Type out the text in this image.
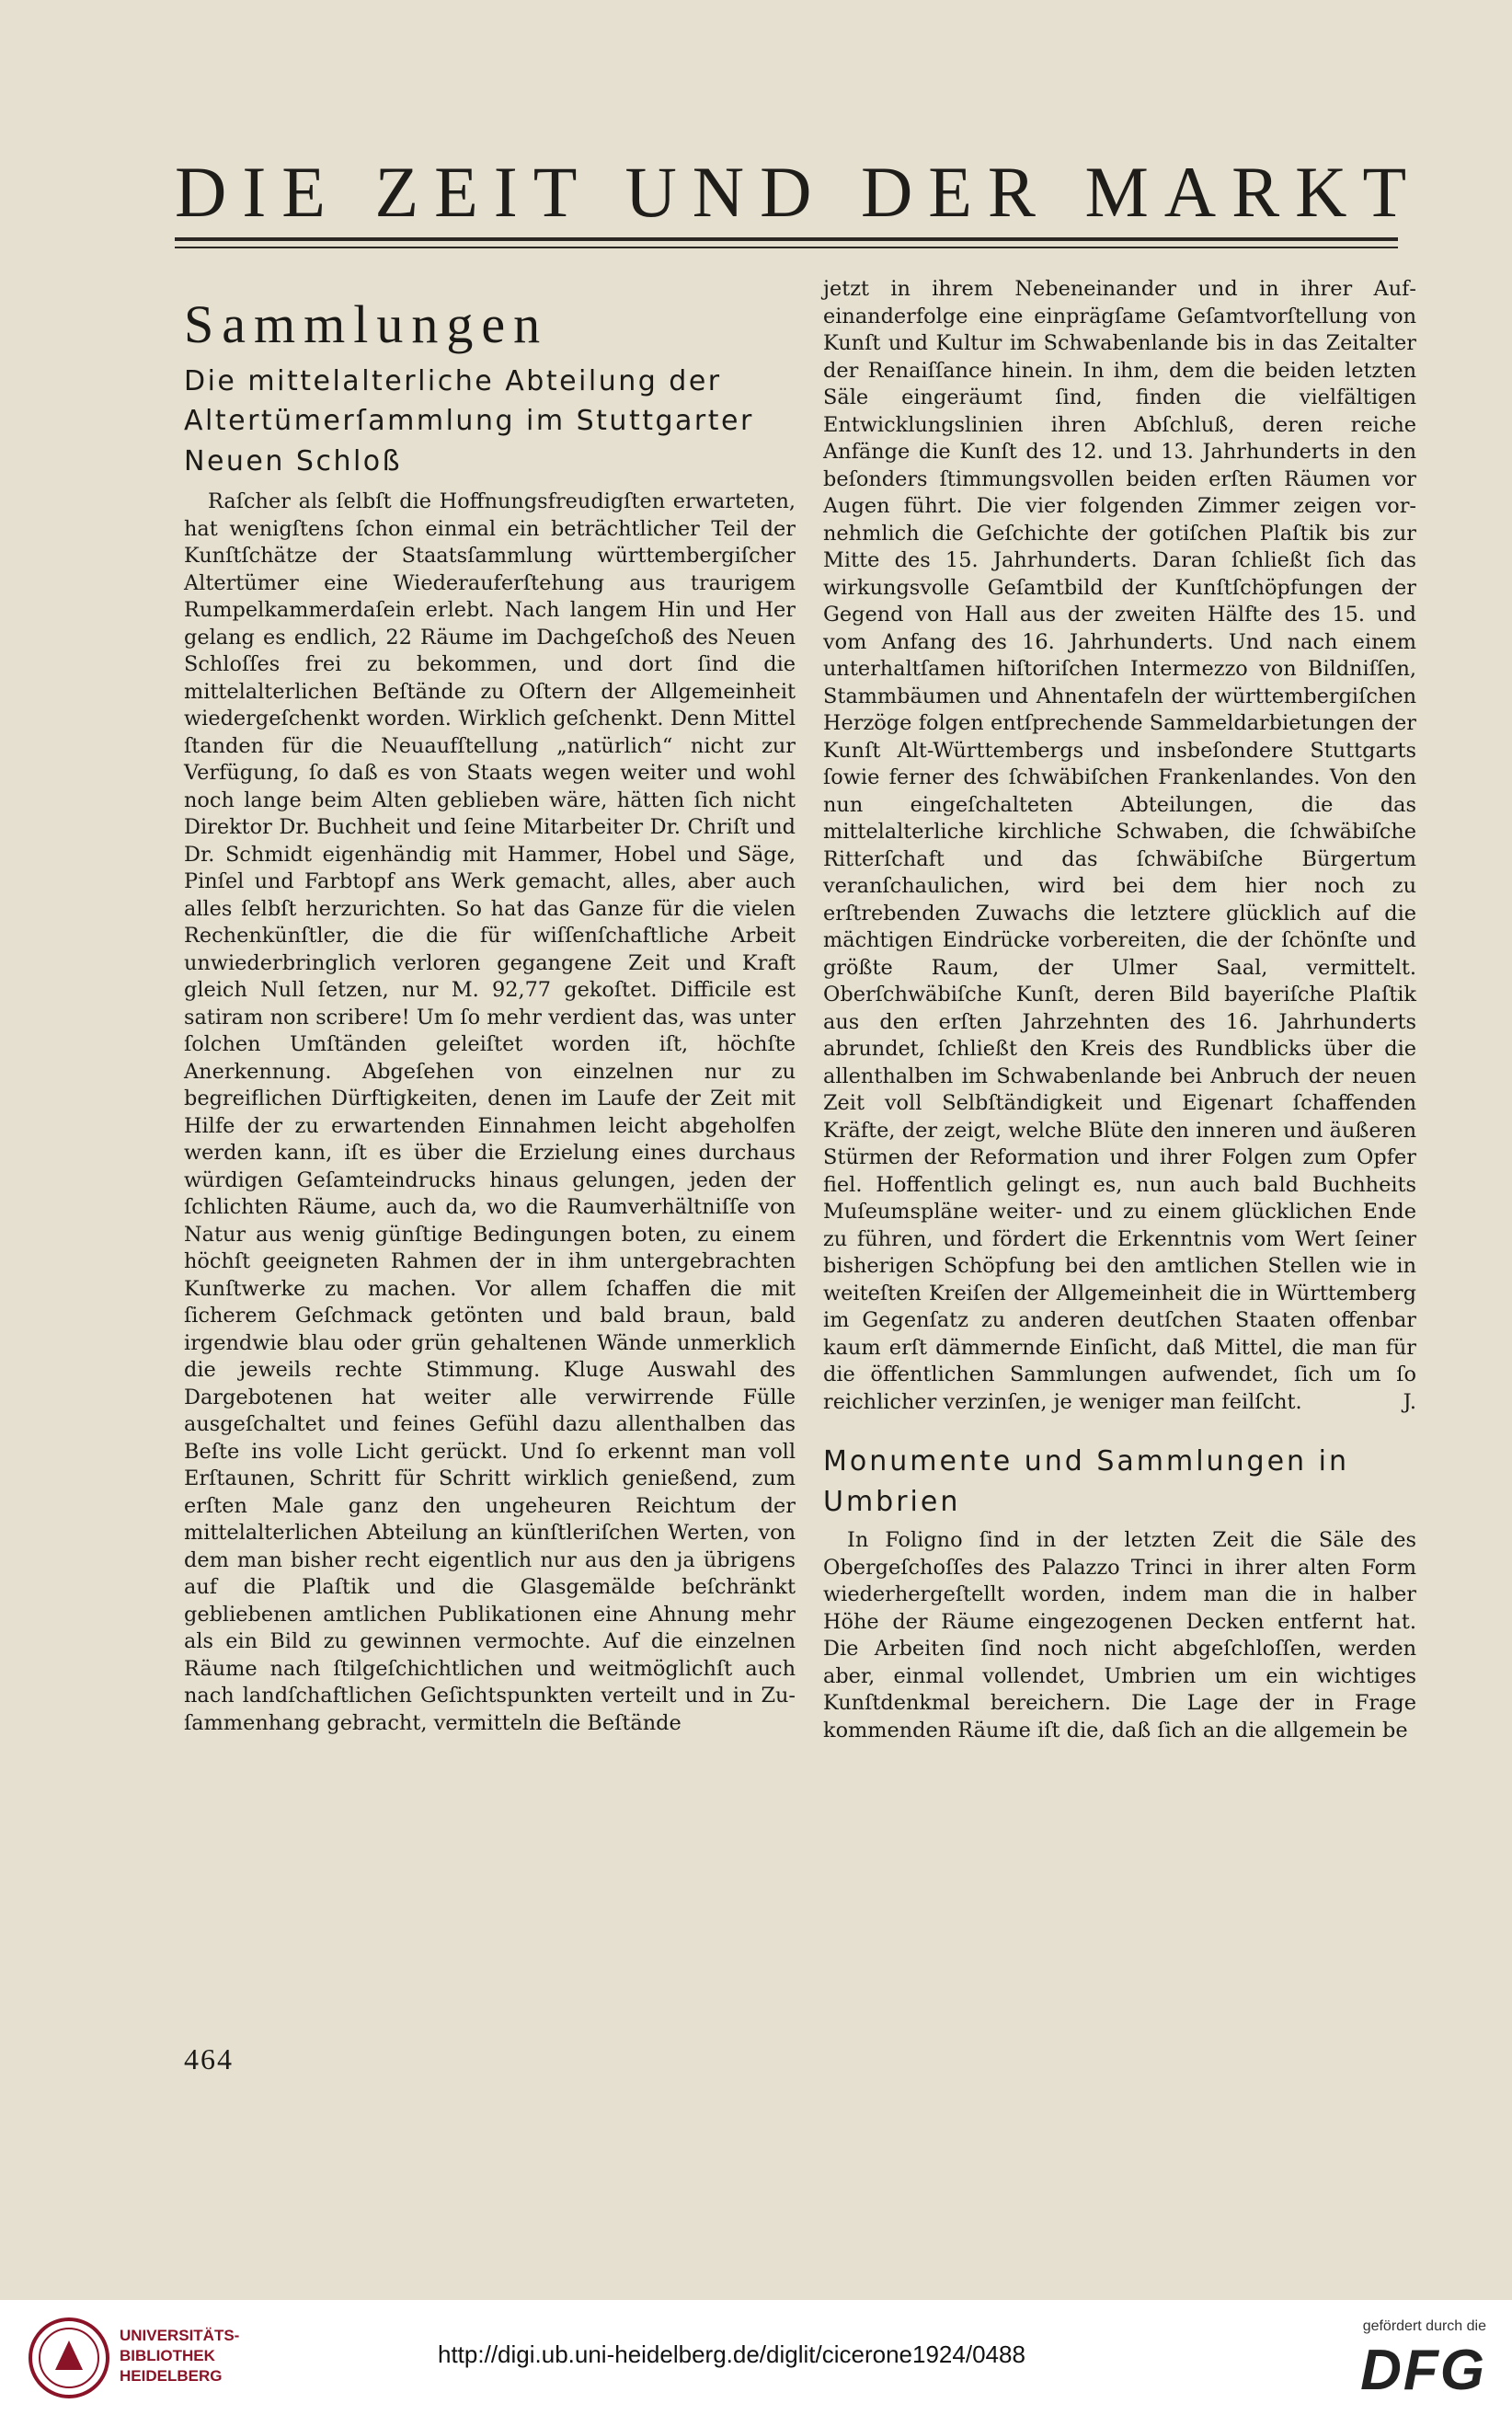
DIE ZEIT UND DER MARKT
Sammlungen
Die mittelalterliche Abteilung der
Altertümerſammlung im Stuttgarter
Neuen Schloß

Raſcher als ſelbſt die Hoffnungsfreudigſten erwarteten, hat wenigſtens ſchon einmal ein beträchtlicher Teil der Kunſtſchätze der Staatsſammlung württembergiſcher Altertümer eine Wiederauferſtehung aus traurigem Rumpelkammerdaſein erlebt. Nach langem Hin und Her gelang es endlich, 22 Räume im Dachgeſchoß des Neuen Schloſſes frei zu bekommen, und dort ſind die mittelalterlichen Beſtände zu Oſtern der Allgemeinheit wiedergeſchenkt worden. Wirklich geſchenkt. Denn Mittel ſtanden für die Neuaufſtellung „natürlich“ nicht zur Verfügung, ſo daß es von Staats wegen weiter und wohl noch lange beim Alten geblieben wäre, hätten ſich nicht Direktor Dr. Buchheit und ſeine Mitarbeiter Dr. Chriſt und Dr. Schmidt eigenhändig mit Hammer, Hobel und Säge, Pinſel und Farbtopf ans Werk gemacht, alles, aber auch alles ſelbſt herzurichten. So hat das Ganze für die vielen Rechenkünſtler, die die für wiſſenſchaftliche Arbeit unwiederbringlich verloren gegangene Zeit und Kraft gleich Null ſetzen, nur M. 92,77 gekoſtet. Difficile est satiram non scribere! Um ſo mehr verdient das, was unter ſolchen Umſtänden geleiſtet worden iſt, höchſte Anerkennung. Abgeſehen von einzelnen nur zu begreiflichen Dürftigkeiten, denen im Laufe der Zeit mit Hilfe der zu erwartenden Einnahmen leicht abgeholfen werden kann, iſt es über die Erzielung eines durchaus würdigen Geſamteindrucks hinaus gelungen, jeden der ſchlichten Räume, auch da, wo die Raumverhältniſſe von Natur aus wenig günſtige Bedingungen boten, zu einem höchſt geeigneten Rahmen der in ihm untergebrachten Kunſtwerke zu machen. Vor allem ſchaffen die mit ſicherem Geſchmack getönten und bald braun, bald irgendwie blau oder grün gehaltenen Wände unmerklich die jeweils rechte Stimmung. Kluge Auswahl des Dargebotenen hat weiter alle verwirrende Fülle ausgeſchaltet und feines Gefühl dazu allenthalben das Beſte ins volle Licht gerückt. Und ſo erkennt man voll Erſtaunen, Schritt für Schritt wirklich genießend, zum erſten Male ganz den ungeheuren Reichtum der mittelalterlichen Abteilung an künſtleriſchen Werten, von dem man bisher recht eigentlich nur aus den ja übrigens auf die Plaſtik und die Glasgemälde beſchränkt gebliebenen amtlichen Publikationen eine Ahnung mehr als ein Bild zu gewinnen vermochte. Auf die einzelnen Räume nach ſtilgeſchichtlichen und weitmöglichſt auch nach landſchaftlichen Geſichtspunkten verteilt und in Zuſammenhang gebracht, vermitteln die Beſtände

jetzt in ihrem Nebeneinander und in ihrer Aufeinanderfolge eine einprägſame Geſamtvorſtellung von Kunſt und Kultur im Schwabenlande bis in das Zeitalter der Renaiſſance hinein. In ihm, dem die beiden letzten Säle eingeräumt ſind, finden die vielfältigen Entwicklungslinien ihren Abſchluß, deren reiche Anfänge die Kunſt des 12. und 13. Jahrhunderts in den beſonders ſtimmungsvollen beiden erſten Räumen vor Augen führt. Die vier folgenden Zimmer zeigen vornehmlich die Geſchichte der gotiſchen Plaſtik bis zur Mitte des 15. Jahrhunderts. Daran ſchließt ſich das wirkungsvolle Geſamtbild der Kunſtſchöpfungen der Gegend von Hall aus der zweiten Hälfte des 15. und vom Anfang des 16. Jahrhunderts. Und nach einem unterhaltſamen hiſtoriſchen Intermezzo von Bildniſſen, Stammbäumen und Ahnentafeln der württembergiſchen Herzöge folgen entſprechende Sammeldarbietungen der Kunſt Alt-Württembergs und insbeſondere Stuttgarts ſowie ferner des ſchwäbiſchen Frankenlandes. Von den nun eingeſchalteten Abteilungen, die das mittelalterliche kirchliche Schwaben, die ſchwäbiſche Ritterſchaft und das ſchwäbiſche Bürgertum veranſchaulichen, wird bei dem hier noch zu erſtrebenden Zuwachs die letztere glücklich auf die mächtigen Eindrücke vorbereiten, die der ſchönſte und größte Raum, der Ulmer Saal, vermittelt. Oberſchwäbiſche Kunſt, deren Bild bayeriſche Plaſtik aus den erſten Jahrzehnten des 16. Jahrhunderts abrundet, ſchließt den Kreis des Rundblicks über die allenthalben im Schwabenlande bei Anbruch der neuen Zeit voll Selbſtändigkeit und Eigenart ſchaffenden Kräfte, der zeigt, welche Blüte den inneren und äußeren Stürmen der Reformation und ihrer Folgen zum Opfer fiel. Hoffentlich gelingt es, nun auch bald Buchheits Muſeumspläne weiter- und zu einem glücklichen Ende zu führen, und fördert die Erkenntnis vom Wert ſeiner bisherigen Schöpfung bei den amtlichen Stellen wie in weiteſten Kreiſen der Allgemeinheit die in Württemberg im Gegenſatz zu anderen deutſchen Staaten offenbar kaum erſt dämmernde Einſicht, daß Mittel, die man für die öffentlichen Sammlungen aufwendet, ſich um ſo reichlicher verzinſen, je weniger man feilſcht.	J.

Monumente und Sammlungen in
Umbrien

In Foligno ſind in der letzten Zeit die Säle des Obergeſchoſſes des Palazzo Trinci in ihrer alten Form wiederhergeſtellt worden, indem man die in halber Höhe der Räume eingezogenen Decken entfernt hat. Die Arbeiten ſind noch nicht abgeſchloſſen, werden aber, einmal vollendet, Umbrien um ein wichtiges Kunſtdenkmal bereichern. Die Lage der in Frage kommenden Räume iſt die, daß ſich an die allgemein be

464
UNIVERSITÄTS-
BIBLIOTHEK
HEIDELBERG
http://digi.ub.uni-heidelberg.de/diglit/cicerone1924/0488
gefördert durch die
DFG
